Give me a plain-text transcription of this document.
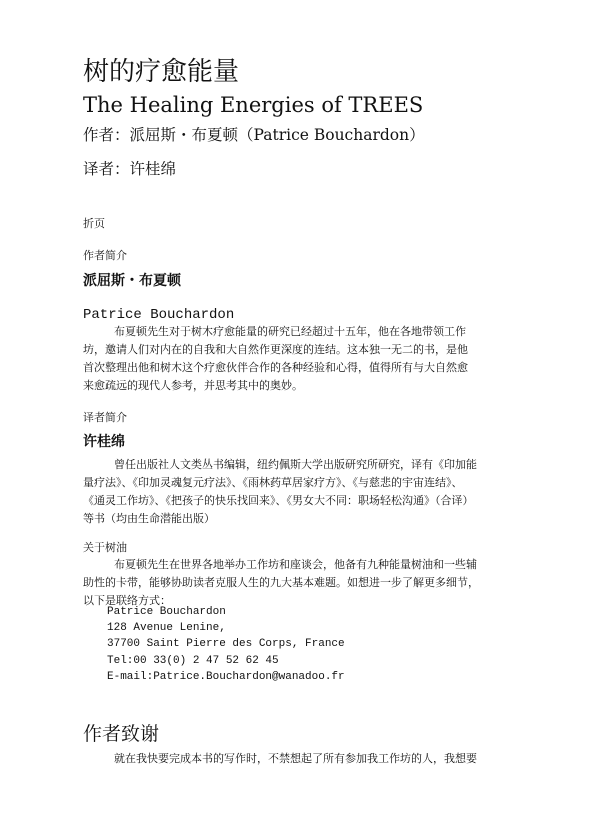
树的疗愈能量
The Healing Energies of TREES
作者：派屈斯・布夏顿（Patrice Bouchardon）
译者：许桂绵
折页
作者简介
派屈斯・布夏顿
Patrice Bouchardon
布夏顿先生对于树木疗愈能量的研究已经超过十五年，他在各地带领工作
坊，邀请人们对内在的自我和大自然作更深度的连结。这本独一无二的书，是他
首次整理出他和树木这个疗愈伙伴合作的各种经验和心得，值得所有与大自然愈
来愈疏远的现代人参考，并思考其中的奥妙。
译者简介
许桂绵
曾任出版社人文类丛书编辑，纽约佩斯大学出版研究所研究，译有《印加能
量疗法》、《印加灵魂复元疗法》、《雨林药草居家疗方》、《与慈悲的宇宙连结》、
《通灵工作坊》、《把孩子的快乐找回来》、《男女大不同：职场轻松沟通》（合译）
等书（均由生命潜能出版）
关于树油
布夏顿先生在世界各地举办工作坊和座谈会，他备有九种能量树油和一些辅
助性的卡带，能够协助读者克服人生的九大基本难题。如想进一步了解更多细节，
以下是联络方式：
Patrice Bouchardon
128 Avenue Lenine,
37700 Saint Pierre des Corps, France
Tel:00 33(0) 2 47 52 62 45
E-mail:Patrice.Bouchardon@wanadoo.fr
作者致谢
就在我快要完成本书的写作时，不禁想起了所有参加我工作坊的人，我想要
